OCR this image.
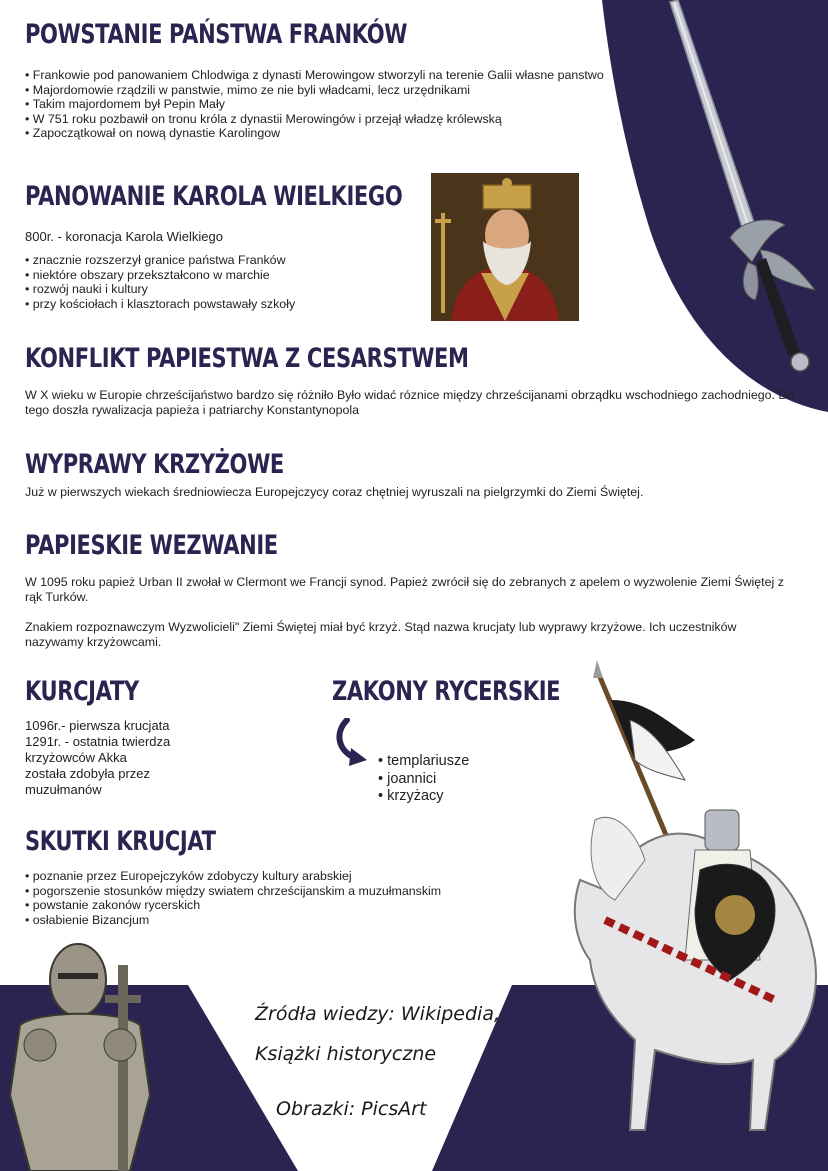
POWSTANIE PAŃSTWA FRANKÓW
• Frankowie pod panowaniem Chlodwiga z dynasti Merowingow stworzyli na terenie Galii własne panstwo
• Majordomowie rządzili w panstwie, mimo ze nie byli władcami, lecz urzędnikami
• Takim majordomem był Pepin Mały
• W 751 roku pozbawił on tronu króla z dynastii Merowingów i przejął władzę królewską
• Zapoczątkował on nową dynastie Karolingow
PANOWANIE KAROLA WIELKIEGO

800r. - koronacja Karola Wielkiego

• znacznie rozszerzył granice państwa Franków
• niektóre obszary przekształcono w marchie
• rozwój nauki i kultury
• przy kościołach i klasztorach powstawały szkoły
KONFLIKT PAPIESTWA Z CESARSTWEM

W X wieku w Europie chrześcijaństwo bardzo się różniło Było widać róznice między chrześcijanami obrządku wschodniego zachodniego. Do tego doszła rywalizacja papieża i patriarchy Konstantynopola

WYPRAWY KRZYŻOWE

Już w pierwszych wiekach średniowiecza Europejczycy coraz chętniej wyruszali na pielgrzymki do Ziemi Świętej.

PAPIESKIE WEZWANIE

W 1095 roku papież Urban II zwołał w Clermont we Francji synod. Papież zwrócił się do zebranych z apelem o wyzwolenie Ziemi Świętej z rąk Turków.

Znakiem rozpoznawczym Wyzwolicieli" Ziemi Świętej miał być krzyż. Stąd nazwa krucjaty lub wyprawy krzyżowe. Ich uczestników nazywamy krzyżowcami.

KURCJATY
1096r.- pierwsza krucjata
1291r. - ostatnia twierdza
krzyżowców Akka
została zdobyła przez
muzułmanów
ZAKONY RYCERSKIE
• templariusze
• joannici
• krzyżacy
SKUTKI KRUCJAT
• poznanie przez Europejczyków zdobyczy kultury arabskiej
• pogorszenie stosunków między swiatem chrześcijanskim a muzułmanskim
• powstanie zakonów rycerskich
• osłabienie Bizancjum
Źródła wiedzy: Wikipedia,
Książki historyczne
Obrazki: PicsArt
